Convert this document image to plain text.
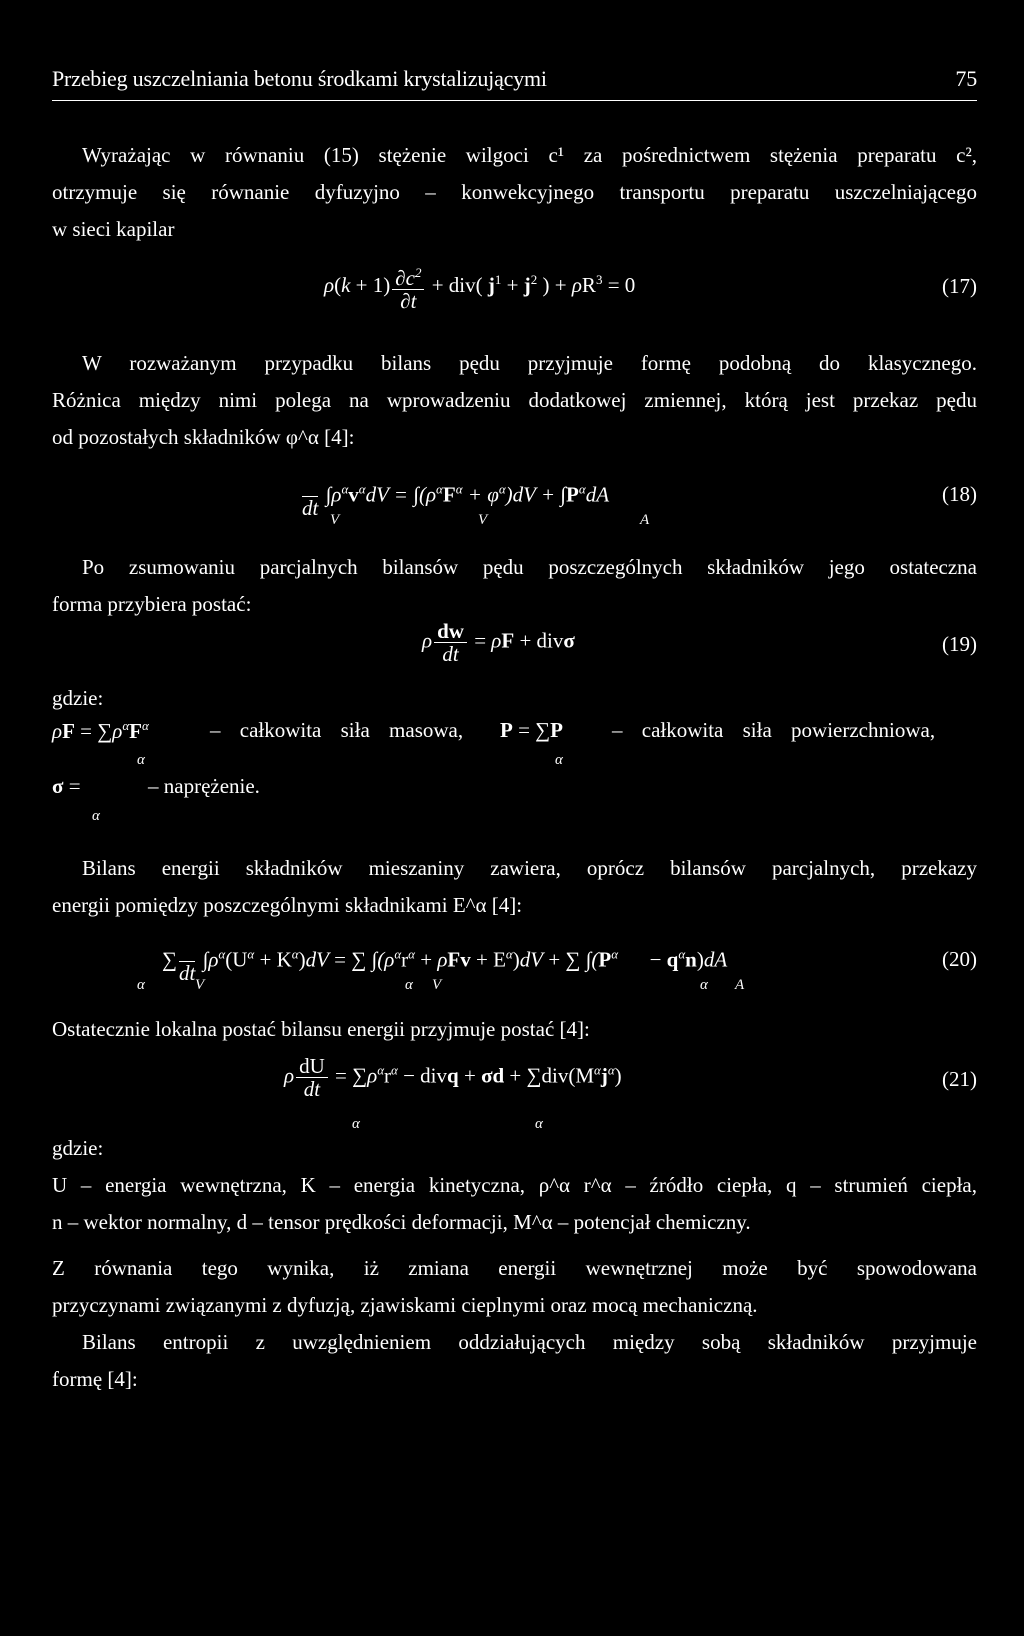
Przebieg uszczelniania betonu środkami krystalizującymi	75
Wyrażając w równaniu (15) stężenie wilgoci c¹ za pośrednictwem stężenia preparatu c²,
otrzymuje się równanie dyfuzyjno – konwekcyjnego transportu preparatu uszczelniającego
w sieci kapilar
$\rho(k + 1) \frac{\partial c^2}{\partial t} + div$( $j^1 + j^2$ ) + $\rho R^3 = 0$	(17)
W rozważanym przypadku bilans pędu przyjmuje formę podobną do klasycznego.
Różnica między nimi polega na wprowadzeniu dodatkowej zmiennej, którą jest przekaz pędu
od pozostałych składników φ^α [4]:
dt
$\int\rho^\alpha v^\alpha dV = \int(\rho^\alpha F^\alpha + \varphi^\alpha)dV + \int P^\alpha dA$	(18)
V	V	A
Po zsumowaniu parcjalnych bilansów pędu poszczególnych składników jego ostateczna
forma przybiera postać:
ρ $\frac{dw}{dt} = \rho F + div\sigma$	(19)
gdzie:
$\rho F = \sum\rho^\alpha F^\alpha$	– całkowita siła masowa, P = ∑P – całkowita siła powierzchniowa,
α	α
σ =	– naprężenie.
α
Bilans energii składników mieszaniny zawiera, oprócz bilansów parcjalnych, przekazy
energii pomiędzy poszczególnymi składnikami E^α [4]:
∑
dt
$\int\rho^\alpha(U^\alpha + K^\alpha)dV$ = ∑ $\int(\rho^\alpha r^\alpha + \rho Fv + E^\alpha)dV$ + ∑ $\int(P^\alpha$      − $q^\alpha n)dA$	(20)
α	V	α V	α A
Ostatecznie lokalna postać bilansu energii przyjmuje postać [4]:
ρ $\frac{dU}{dt} = \sum\rho^\alpha r^\alpha$ − divq + $\sigma d + \sum div(M^\alpha j^\alpha)$	(21)
α	α
gdzie:
U – energia wewnętrzna, K – energia kinetyczna, ρ^α r^α – źródło ciepła, q – strumień ciepła,
n – wektor normalny, d – tensor prędkości deformacji, M^α – potencjał chemiczny.
Z równania tego wynika, iż zmiana energii wewnętrznej może być spowodowana
przyczynami związanymi z dyfuzją, zjawiskami cieplnymi oraz mocą mechaniczną.
Bilans entropii z uwzględnieniem oddziałujących między sobą składników przyjmuje
formę [4]:
